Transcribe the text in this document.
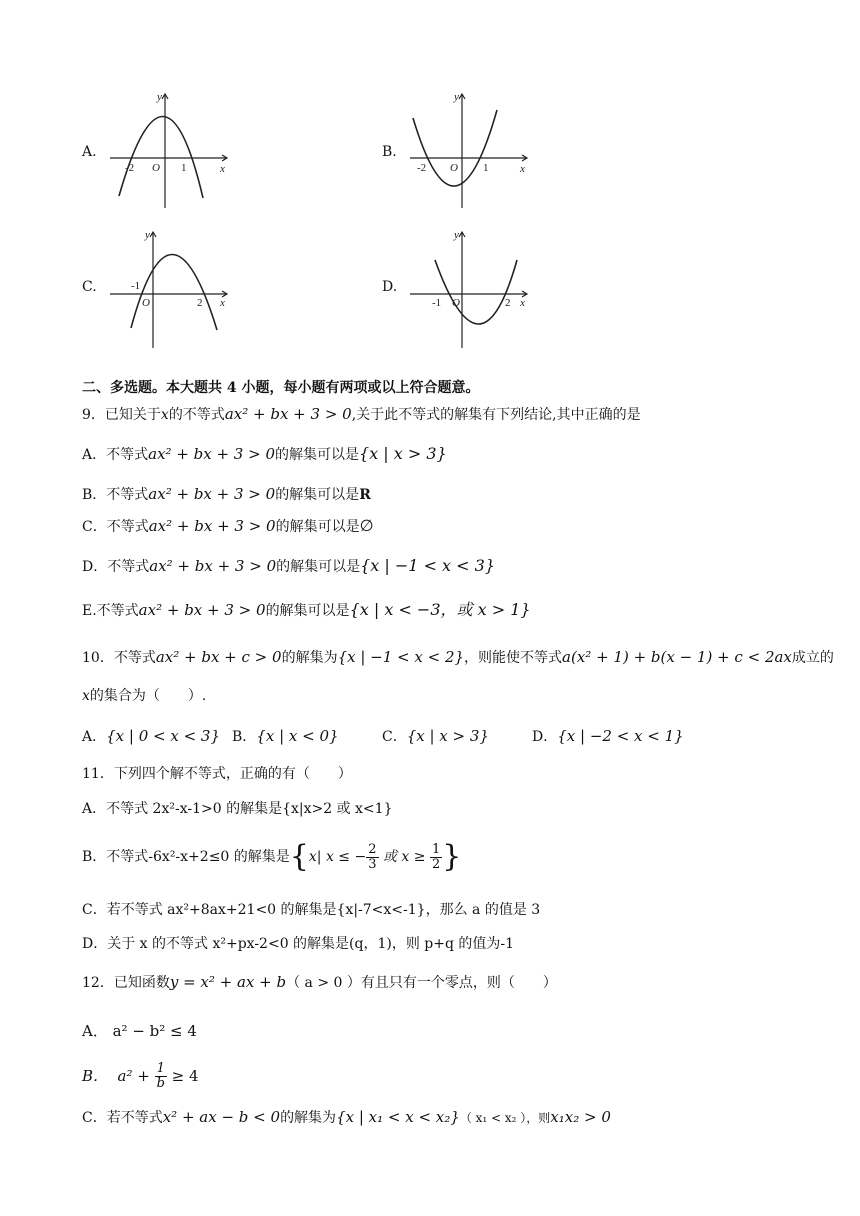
A.
x
y
-2 O 1
B.
x
y
-2 O 1
C.
x
y
-1
O	2
D.
x
y
-1 O	2
二、多选题。本大题共 4 小题，每小题有两项或以上符合题意。
9．已知关于x的不等式ax² + bx + 3 > 0,关于此不等式的解集有下列结论,其中正确的是
A．不等式ax² + bx + 3 > 0的解集可以是{x | x > 3}
B．不等式ax² + bx + 3 > 0的解集可以是R
C．不等式ax² + bx + 3 > 0的解集可以是∅
D．不等式ax² + bx + 3 > 0的解集可以是{x | −1 < x < 3}
E.不等式ax² + bx + 3 > 0的解集可以是{x | x < −3，或 x > 1}
10．不等式ax² + bx + c > 0的解集为{x | −1 < x < 2}，则能使不等式a(x² + 1) + b(x − 1) + c < 2ax成立的
x的集合为（　　）.
A．{x | 0 < x < 3} B．{x | x < 0}	C．{x | x > 3}	D．{x | −2 < x < 1}
11．下列四个解不等式，正确的有（　　）
A．不等式 2x²-x-1>0 的解集是{x|x>2 或 x<1}
B．不等式-6x²-x+2≤0 的解集是 { x| x ≤ − $\frac{2}{3}$ 或 $x \ge \frac{1}{2}$ }
C．若不等式 ax²+8ax+21<0 的解集是{x|-7<x<-1}，那么 a 的值是 3
D．关于 x 的不等式 x²+px-2<0 的解集是(q，1)，则 p+q 的值为-1
12．已知函数y = x² + ax + b（ a > 0 ）有且只有一个零点，则（　　）
A． a² − b² ≤ 4
B．  $a^2 + \frac{1}{b} \ge 4$
C．若不等式x² + ax − b < 0的解集为{x | x₁ < x < x₂}（ x₁ < x₂ ），则x₁x₂ > 0
